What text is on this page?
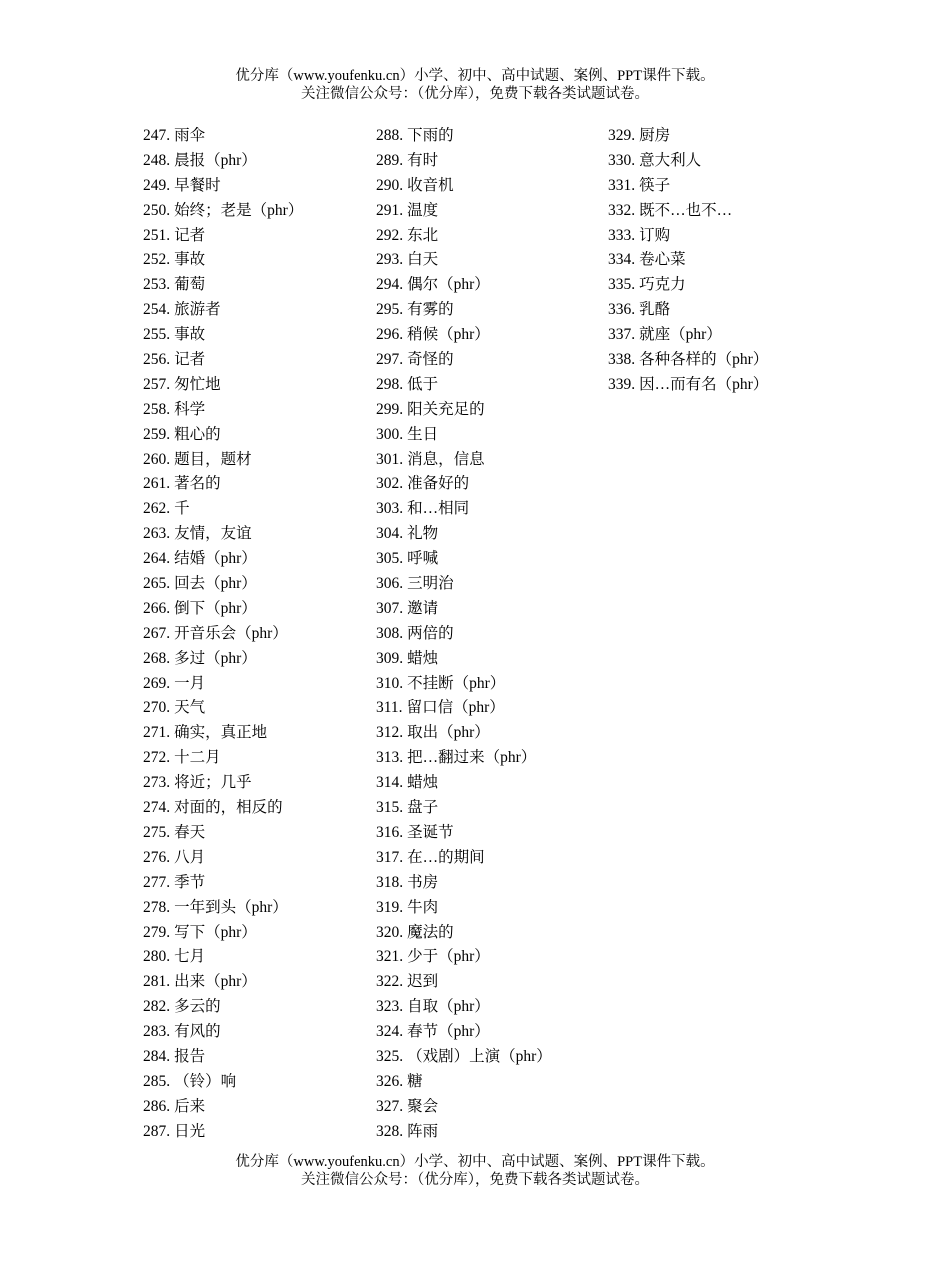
优分库（www.youfenku.cn）小学、初中、高中试题、案例、PPT课件下载。
关注微信公众号：（优分库），免费下载各类试题试卷。
247. 雨伞
248. 晨报（phr）
249. 早餐时
250. 始终；老是（phr）
251. 记者
252. 事故
253. 葡萄
254. 旅游者
255. 事故
256. 记者
257. 匆忙地
258. 科学
259. 粗心的
260. 题目，题材
261. 著名的
262. 千
263. 友情，友谊
264. 结婚（phr）
265. 回去（phr）
266. 倒下（phr）
267. 开音乐会（phr）
268. 多过（phr）
269. 一月
270. 天气
271. 确实，真正地
272. 十二月
273. 将近；几乎
274. 对面的，相反的
275. 春天
276. 八月
277. 季节
278. 一年到头（phr）
279. 写下（phr）
280. 七月
281. 出来（phr）
282. 多云的
283. 有风的
284. 报告
285. （铃）响
286. 后来
287. 日光
288. 下雨的
289. 有时
290. 收音机
291. 温度
292. 东北
293. 白天
294. 偶尔（phr）
295. 有雾的
296. 稍候（phr）
297. 奇怪的
298. 低于
299. 阳关充足的
300. 生日
301. 消息，信息
302. 准备好的
303. 和…相同
304. 礼物
305. 呼喊
306. 三明治
307. 邀请
308. 两倍的
309. 蜡烛
310. 不挂断（phr）
311. 留口信（phr）
312. 取出（phr）
313. 把…翻过来（phr）
314. 蜡烛
315. 盘子
316. 圣诞节
317. 在…的期间
318. 书房
319. 牛肉
320. 魔法的
321. 少于（phr）
322. 迟到
323. 自取（phr）
324. 春节（phr）
325. （戏剧）上演（phr）
326. 糖
327. 聚会
328. 阵雨
329. 厨房
330. 意大利人
331. 筷子
332. 既不…也不…
333. 订购
334. 卷心菜
335. 巧克力
336. 乳酪
337. 就座（phr）
338. 各种各样的（phr）
339. 因…而有名（phr）
优分库（www.youfenku.cn）小学、初中、高中试题、案例、PPT课件下载。
关注微信公众号：（优分库），免费下载各类试题试卷。
